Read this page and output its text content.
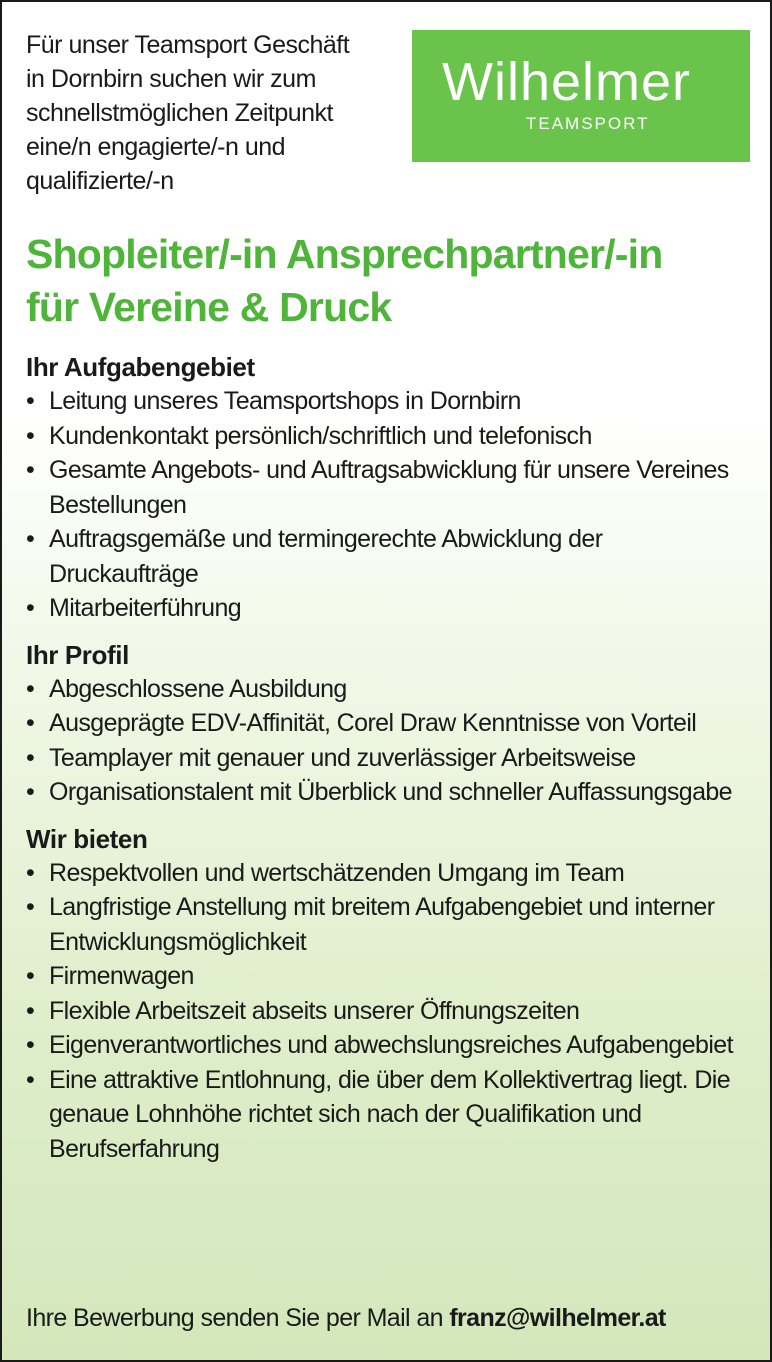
Für unser Teamsport Geschäft
in Dornbirn suchen wir zum
schnellstmöglichen Zeitpunkt
eine/n engagierte/-n und
qualifizierte/-n
Wilhelmer
TEAMSPORT
Shopleiter/-in Ansprechpartner/-in
für Vereine & Druck
Ihr Aufgabengebiet
• Leitung unseres Teamsportshops in Dornbirn
• Kundenkontakt persönlich/schriftlich und telefonisch
• Gesamte Angebots- und Auftragsabwicklung für unsere Vereines Bestellungen
• Auftragsgemäße und termingerechte Abwicklung der Druckaufträge
• Mitarbeiterführung
Ihr Profil
• Abgeschlossene Ausbildung
• Ausgeprägte EDV-Affinität, Corel Draw Kenntnisse von Vorteil
• Teamplayer mit genauer und zuverlässiger Arbeitsweise
• Organisationstalent mit Überblick und schneller Auffassungsgabe
Wir bieten
• Respektvollen und wertschätzenden Umgang im Team
• Langfristige Anstellung mit breitem Aufgabengebiet und interner Entwicklungsmöglichkeit
• Firmenwagen
• Flexible Arbeitszeit abseits unserer Öffnungszeiten
• Eigenverantwortliches und abwechslungsreiches Aufgabengebiet
• Eine attraktive Entlohnung, die über dem Kollektivertrag liegt. Die genaue Lohnhöhe richtet sich nach der Qualifikation und Berufserfahrung
Ihre Bewerbung senden Sie per Mail an franz@wilhelmer.at
